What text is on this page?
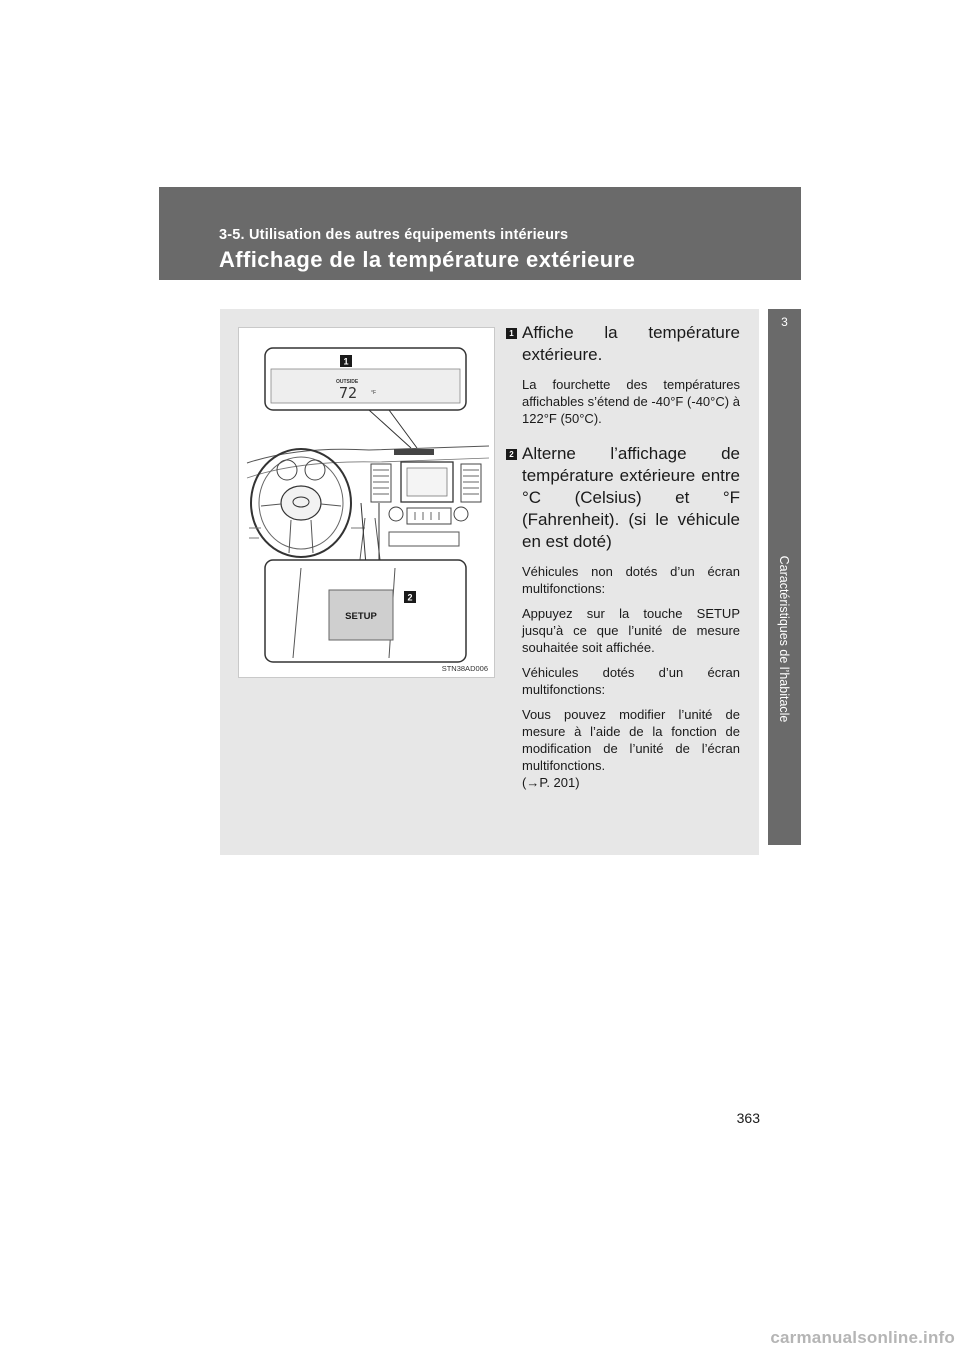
3-5. Utilisation des autres équipements intérieurs
Affichage de la température extérieure
3
Caractéristiques de l’habitacle
1
OUTSIDE
72	°F
SETUP
2
STN38AD006
1 Affiche la température extérieure.
La fourchette des températures affichables s’étend de -40°F (-40°C) à 122°F (50°C).
2 Alterne l’affichage de température extérieure entre °C (Celsius) et °F (Fahrenheit). (si le véhicule en est doté)
Véhicules non dotés d’un écran multifonctions:
Appuyez sur la touche SETUP jusqu’à ce que l’unité de mesure souhaitée soit affichée.
Véhicules dotés d’un écran multifonctions:
Vous pouvez modifier l’unité de mesure à l’aide de la fonction de modification de l’unité de l’écran multifonctions.
(→P. 201)
363
carmanualsonline.info
